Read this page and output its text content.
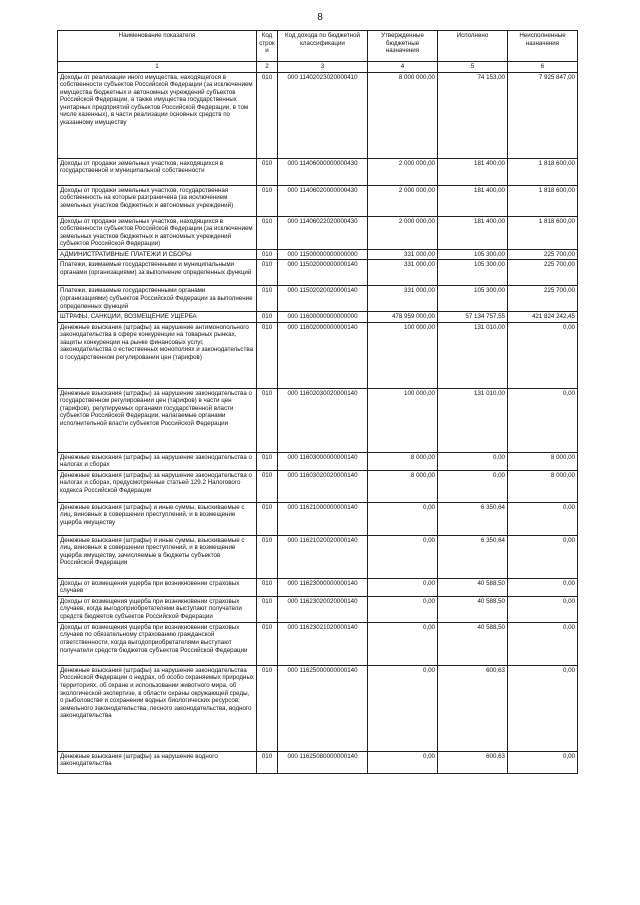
8
Наименование показателя	Код строк и	Код дохода по бюджетной классификации	Утвержденные бюджетные назначения	Исполнено	Неисполненные назначения
1	2	3	4	5	6
Доходы от реализации иного имущества, находящегося в собственности субъектов Российской Федерации (за исключением имущества бюджетных и автономных учреждений субъектов Российской Федерации, а также имущества государственных унитарных предприятий субъектов Российской Федерации, в том числе казенных), в части реализации основных средств по указанному имуществу	010	000 11402023020000410	8 000 000,00	74 153,00	7 925 847,00
Доходы от продажи земельных участков, находящихся в государственной и муниципальной собственности	010	000 11406000000000430	2 000 000,00	181 400,00	1 818 600,00
Доходы от продажи земельных участков, государственная собственность на которые разграничена (за исключением земельных участков бюджетных и автономных учреждений)	010	000 11406020000000430	2 000 000,00	181 400,00	1 818 600,00
Доходы от продажи земельных участков, находящихся в собственности субъектов Российской Федерации (за исключением земельных участков бюджетных и автономных учреждений субъектов Российской Федерации)	010	000 11406022020000430	2 000 000,00	181 400,00	1 818 600,00
АДМИНИСТРАТИВНЫЕ ПЛАТЕЖИ И СБОРЫ	010	000 11500000000000000	331 000,00	105 300,00	225 700,00
Платежи, взимаемые государственными и муниципальными органами (организациями) за выполнение определенных функций	010	000 11502000000000140	331 000,00	105 300,00	225 700,00
Платежи, взимаемые государственными органами (организациями) субъектов Российской Федерации за выполнение определенных функций	010	000 11502020020000140	331 000,00	105 300,00	225 700,00
ШТРАФЫ, САНКЦИИ, ВОЗМЕЩЕНИЕ УЩЕРБА	010	000 11600000000000000	478 959 000,00	57 134 757,55	421 824 242,45
Денежные взыскания (штрафы) за нарушение антимонопольного законодательства в сфере конкуренции на товарных рынках, защиты конкуренции на рынке финансовых услуг, законодательства о естественных монополиях и законодательства о государственном регулировании цен (тарифов)	010	000 11602000000000140	100 000,00	131 010,00	0,00
Денежные взыскания (штрафы) за нарушение законодательства о государственном регулировании цен (тарифов) в части цен (тарифов), регулируемых органами государственной власти субъектов Российской Федерации, налагаемые органами исполнительной власти субъектов Российской Федерации	010	000 11602030020000140	100 000,00	131 010,00	0,00
Денежные взыскания (штрафы) за нарушение законодательства о налогах и сборах	010	000 11603000000000140	8 000,00	0,00	8 000,00
Денежные взыскания (штрафы) за нарушение законодательства о налогах и сборах, предусмотренные статьей 129.2 Налогового кодекса Российской Федерации	010	000 11603020020000140	8 000,00	0,00	8 000,00
Денежные взыскания (штрафы) и иные суммы, взыскиваемые с лиц, виновных в совершении преступлений, и в возмещение ущерба имуществу	010	000 11621000000000140	0,00	6 350,64	0,00
Денежные взыскания (штрафы) и иные суммы, взыскиваемые с лиц, виновных в совершении преступлений, и в возмещение ущерба имуществу, зачисляемые в бюджеты субъектов Российской Федерации	010	000 11621020020000140	0,00	6 350,64	0,00
Доходы от возмещения ущерба при возникновении страховых случаев	010	000 11623000000000140	0,00	40 588,50	0,00
Доходы от возмещения ущерба при возникновении страховых случаев, когда выгодоприобретателями выступают получатели средств бюджетов субъектов Российской Федерации	010	000 11623020020000140	0,00	40 588,50	0,00
Доходы от возмещения ущерба при возникновении страховых случаев по обязательному страхованию гражданской ответственности, когда выгодоприобретателями выступают получатели средств бюджетов субъектов Российской Федерации	010	000 11623021020000140	0,00	40 588,50	0,00
Денежные взыскания (штрафы) за нарушение законодательства Российской Федерации о недрах, об особо охраняемых природных территориях, об охране и использовании животного мира, об экологической экспертизе, в области охраны окружающей среды, о рыболовстве и сохранении водных биологических ресурсов, земельного законодательства, лесного законодательства, водного законодательства	010	000 11625000000000140	0,00	600,63	0,00
Денежные взыскания (штрафы) за нарушение водного законодательства	010	000 11625080000000140	0,00	600,63	0,00
